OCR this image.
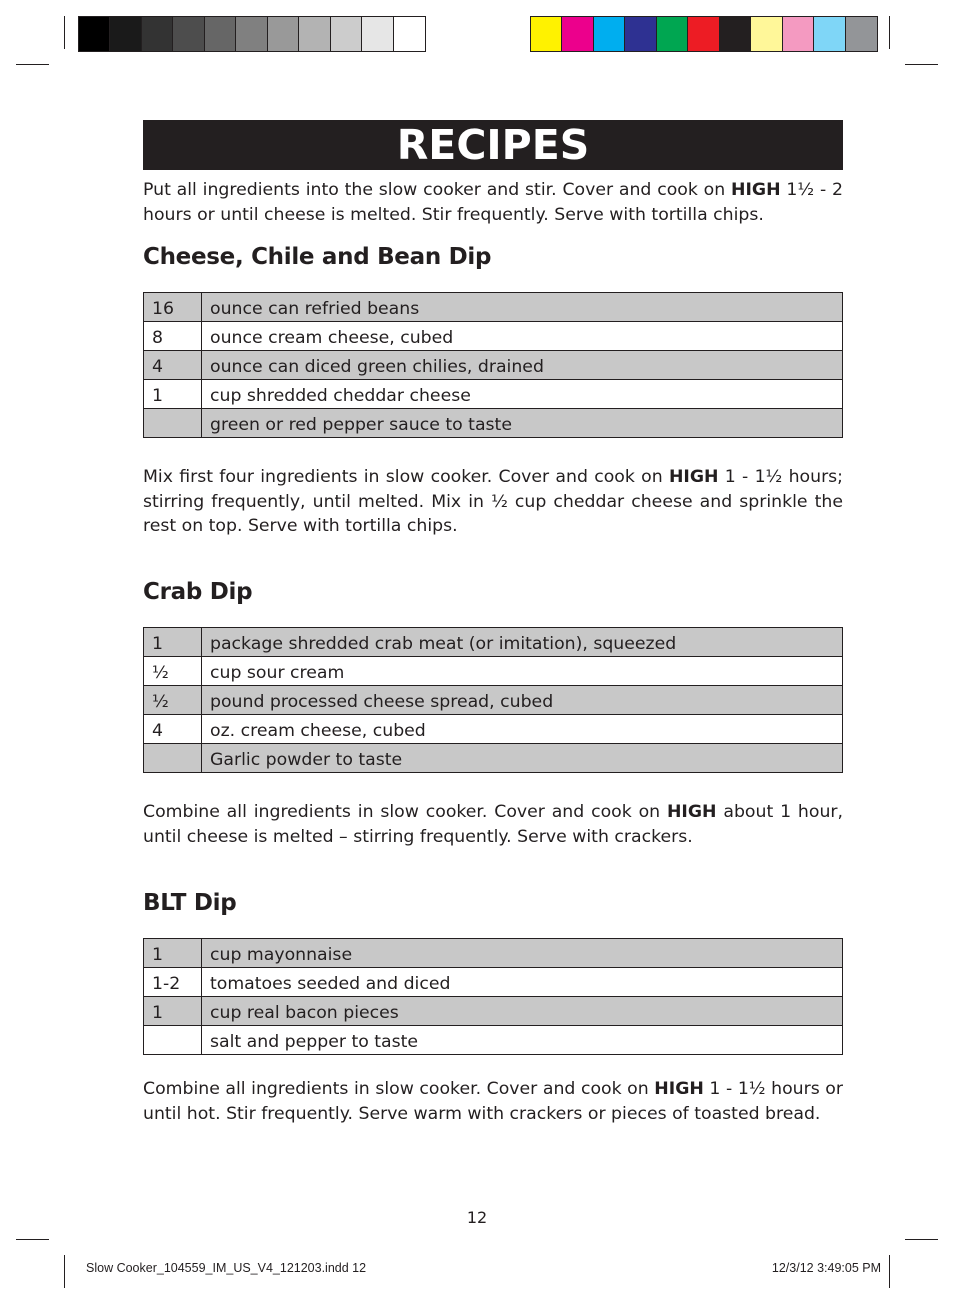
RECIPES

Put all ingredients into the slow cooker and stir. Cover and cook on HIGH 1½ - 2 hours or until cheese is melted. Stir frequently. Serve with tortilla chips.

Cheese, Chile and Bean Dip
16	ounce can refried beans
8	ounce cream cheese, cubed
4	ounce can diced green chilies, drained
1	cup shredded cheddar cheese
	green or red pepper sauce to taste

Mix first four ingredients in slow cooker. Cover and cook on HIGH 1 - 1½ hours; stirring frequently, until melted. Mix in ½ cup cheddar cheese and sprinkle the rest on top. Serve with tortilla chips.

Crab Dip
1	package shredded crab meat (or imitation), squeezed
½	cup sour cream
½	pound processed cheese spread, cubed
4	oz. cream cheese, cubed
	Garlic powder to taste

Combine all ingredients in slow cooker. Cover and cook on HIGH about 1 hour, until cheese is melted – stirring frequently. Serve with crackers.

BLT Dip
1	cup mayonnaise
1-2	tomatoes seeded and diced
1	cup real bacon pieces
	salt and pepper to taste

Combine all ingredients in slow cooker. Cover and cook on HIGH 1 - 1½ hours or until hot. Stir frequently. Serve warm with crackers or pieces of toasted bread.

12
Slow Cooker_104559_IM_US_V4_121203.indd 12	12/3/12 3:49:05 PM
